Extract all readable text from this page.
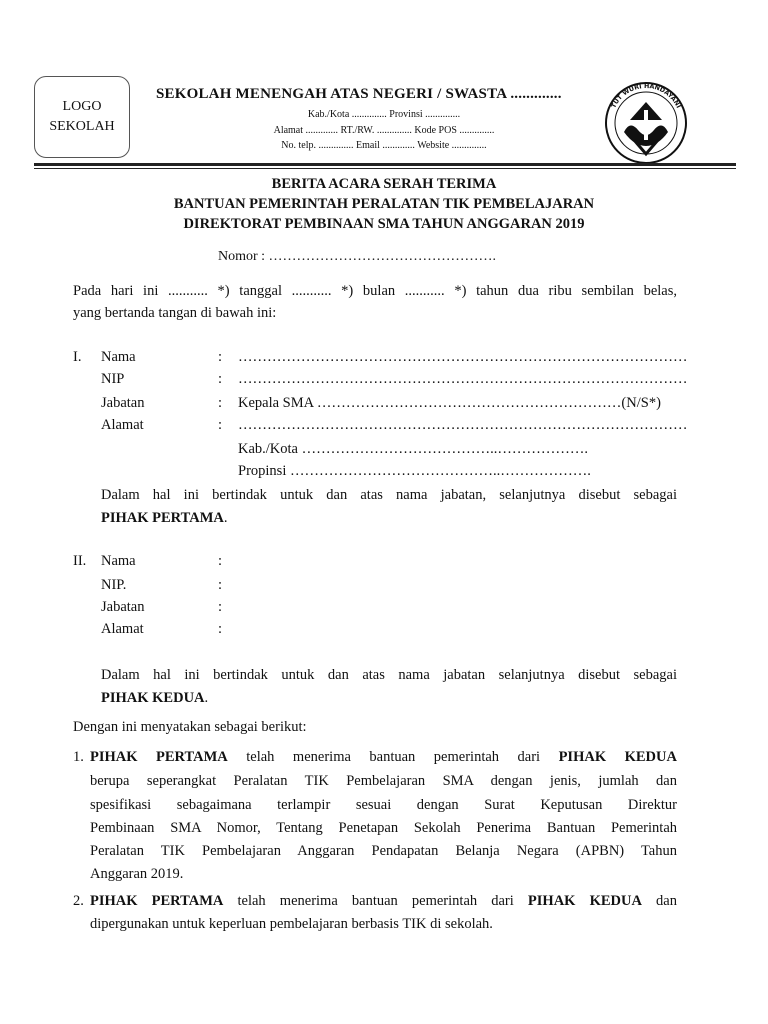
LOGO
SEKOLAH
SEKOLAH MENENGAH ATAS NEGERI / SWASTA .............
Kab./Kota .............. Provinsi ..............
Alamat ............. RT./RW. .............. Kode POS ..............
No. telp. .............. Email ............. Website ..............
TUT WURI HANDAYANI
BERITA ACARA SERAH TERIMA
BANTUAN PEMERINTAH PERALATAN TIK PEMBELAJARAN
DIREKTORAT PEMBINAAN SMA TAHUN ANGGARAN 2019
Nomor : ………………………………………….
Pada hari ini ........... *) tanggal ........... *) bulan ........... *) tahun dua ribu sembilan belas,
yang bertanda tangan di bawah ini:
I. Nama	: …………………………………………………………………………………
NIP	: …………………………………………………………………………………
Jabatan	: Kepala SMA ………………………………………………………(N/S*)
Alamat	: …………………………………………………………………………………
Kab./Kota …………………………………..……………….
Propinsi ……………………………………..……………….
Dalam hal ini bertindak untuk dan atas nama jabatan, selanjutnya disebut sebagai
PIHAK PERTAMA.
II. Nama	:
NIP.	:
Jabatan	:
Alamat	:
Dalam hal ini bertindak untuk dan atas nama jabatan selanjutnya disebut sebagai
PIHAK KEDUA.
Dengan ini menyatakan sebagai berikut:
1. PIHAK PERTAMA telah menerima bantuan pemerintah dari PIHAK KEDUA
berupa seperangkat Peralatan TIK Pembelajaran SMA dengan jenis, jumlah dan
spesifikasi sebagaimana terlampir sesuai dengan Surat Keputusan Direktur
Pembinaan SMA Nomor, Tentang Penetapan Sekolah Penerima Bantuan Pemerintah
Peralatan TIK Pembelajaran Anggaran Pendapatan Belanja Negara (APBN) Tahun
Anggaran 2019.
2. PIHAK PERTAMA telah menerima bantuan pemerintah dari PIHAK KEDUA dan
dipergunakan untuk keperluan pembelajaran berbasis TIK di sekolah.
